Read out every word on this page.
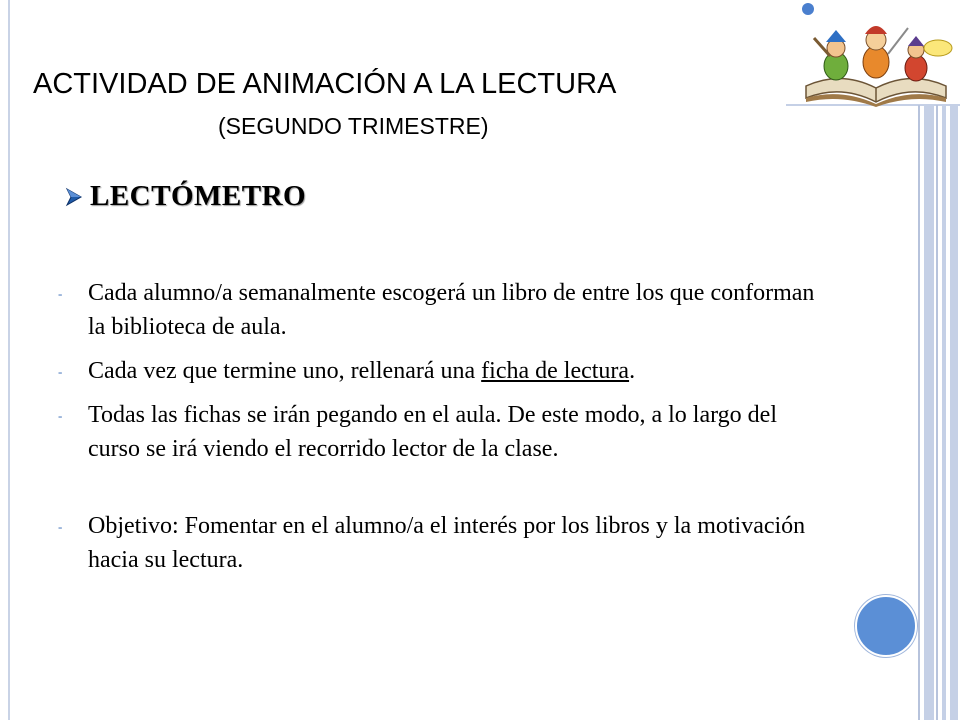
ACTIVIDAD DE ANIMACIÓN A LA LECTURA
(SEGUNDO TRIMESTRE)
LECTÓMETRO
- Cada alumno/a semanalmente escogerá un libro de entre los que conforman la biblioteca de aula.
- Cada vez que termine uno, rellenará una ficha de lectura.
- Todas las fichas se irán pegando en el aula. De este modo, a lo largo del curso se irá viendo el recorrido lector de la clase.
- Objetivo: Fomentar en el alumno/a el interés por los libros y la motivación hacia su lectura.
